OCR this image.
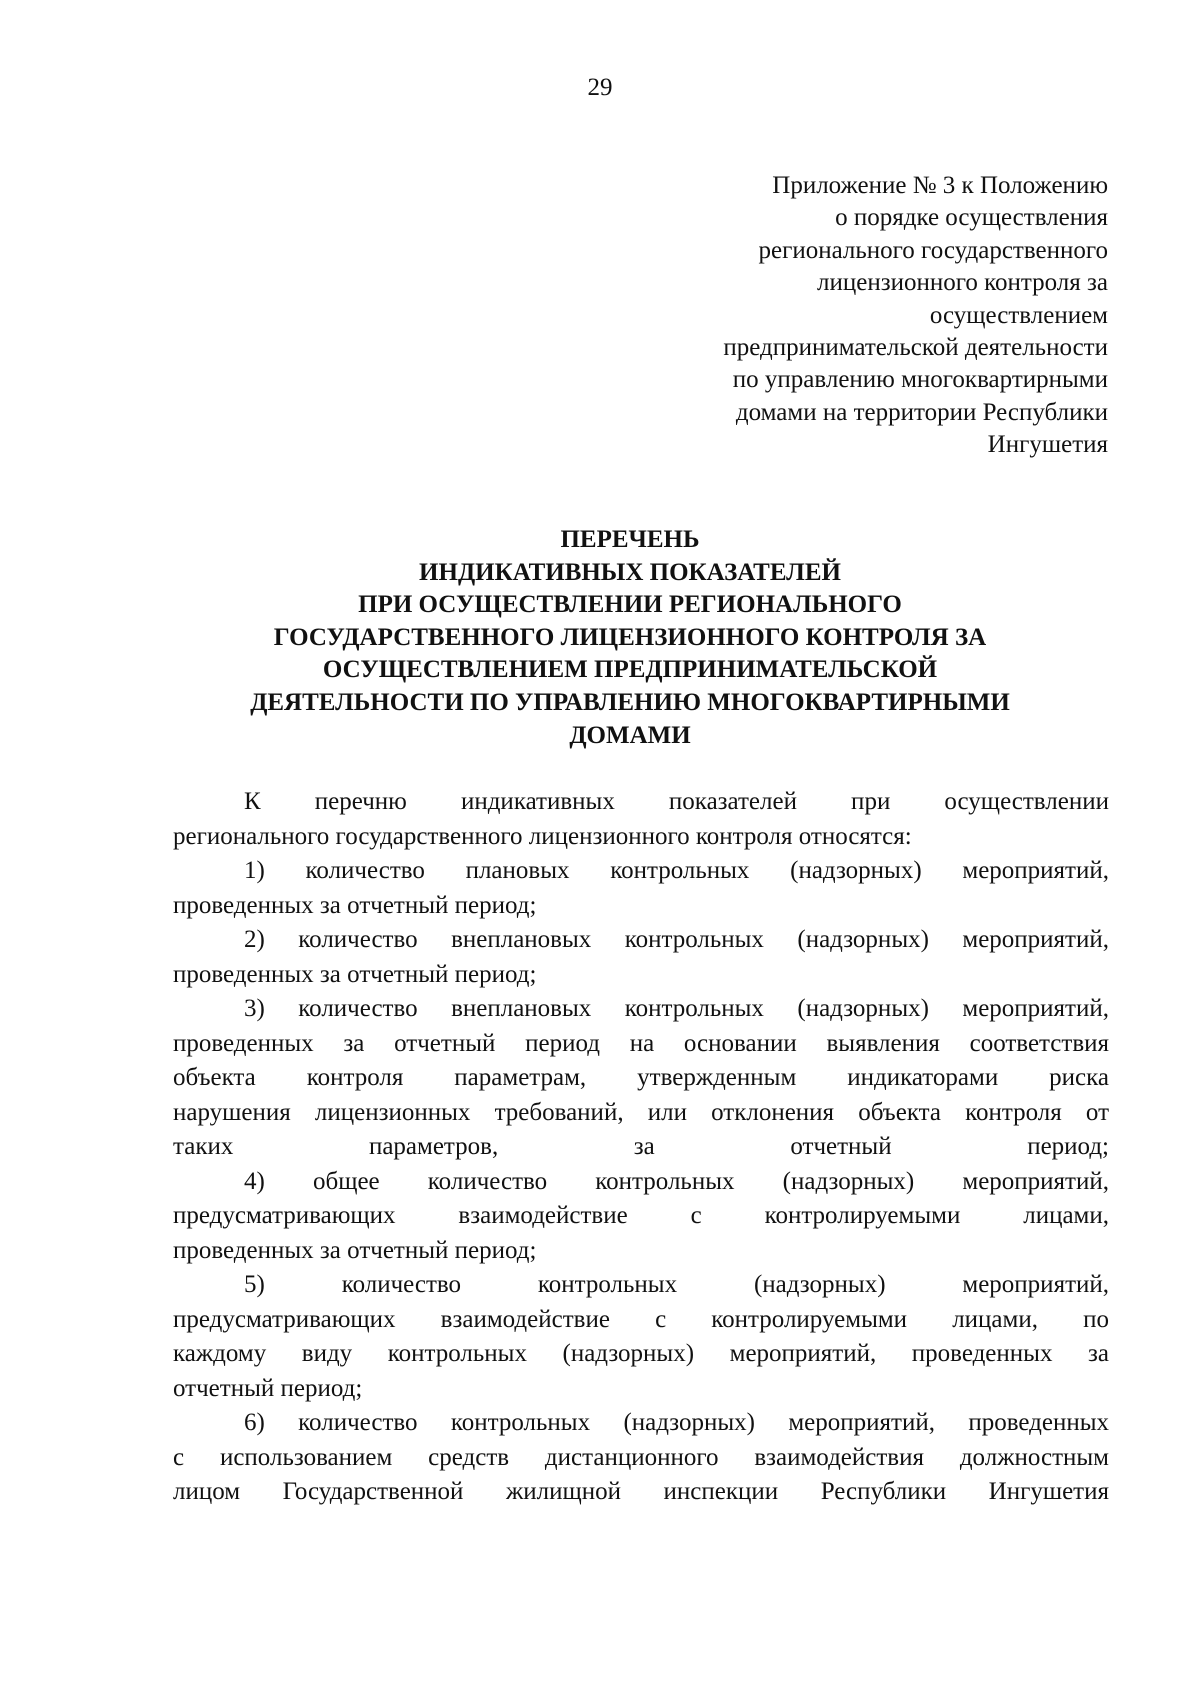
29
Приложение № 3 к Положению
о порядке осуществления
регионального государственного
лицензионного контроля за
осуществлением
предпринимательской деятельности
по управлению многоквартирными
домами на территории Республики
Ингушетия
ПЕРЕЧЕНЬ
ИНДИКАТИВНЫХ ПОКАЗАТЕЛЕЙ
ПРИ ОСУЩЕСТВЛЕНИИ РЕГИОНАЛЬНОГО
ГОСУДАРСТВЕННОГО ЛИЦЕНЗИОННОГО КОНТРОЛЯ ЗА
ОСУЩЕСТВЛЕНИЕМ ПРЕДПРИНИМАТЕЛЬСКОЙ
ДЕЯТЕЛЬНОСТИ ПО УПРАВЛЕНИЮ МНОГОКВАРТИРНЫМИ
ДОМАМИ
К перечню индикативных показателей при осуществлении
регионального государственного лицензионного контроля относятся:
1) количество плановых контрольных (надзорных) мероприятий,
проведенных за отчетный период;
2) количество внеплановых контрольных (надзорных) мероприятий,
проведенных за отчетный период;
3) количество внеплановых контрольных (надзорных) мероприятий,
проведенных за отчетный период на основании выявления соответствия
объекта контроля параметрам, утвержденным индикаторами риска
нарушения лицензионных требований, или отклонения объекта контроля от
таких параметров, за отчетный период;
4) общее количество контрольных (надзорных) мероприятий,
предусматривающих взаимодействие с контролируемыми лицами,
проведенных за отчетный период;
5) количество контрольных (надзорных) мероприятий,
предусматривающих взаимодействие с контролируемыми лицами, по
каждому виду контрольных (надзорных) мероприятий, проведенных за
отчетный период;
6) количество контрольных (надзорных) мероприятий, проведенных
с использованием средств дистанционного взаимодействия должностным
лицом Государственной жилищной инспекции Республики Ингушетия
